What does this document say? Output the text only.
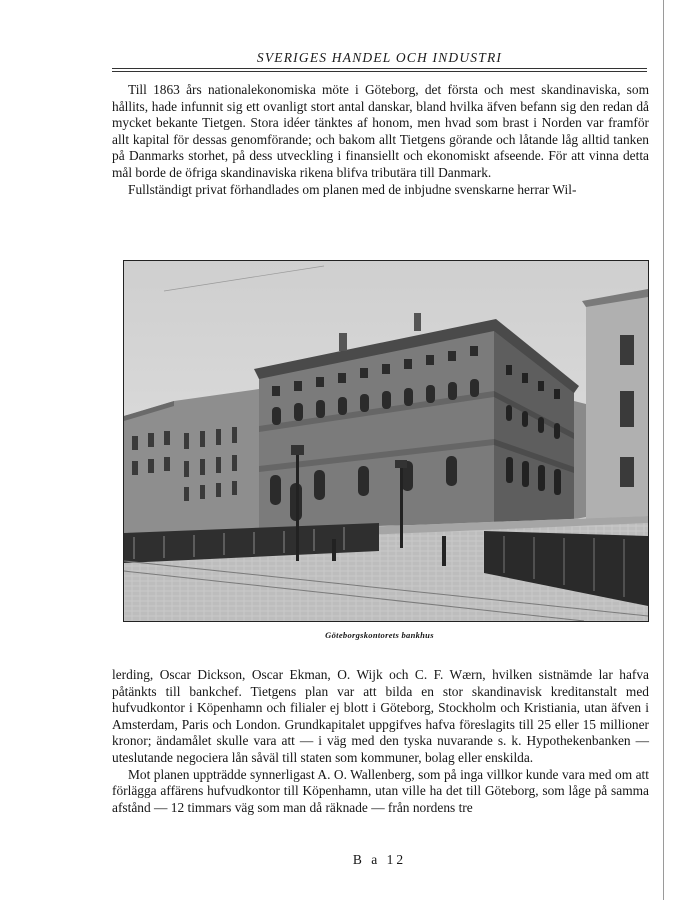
SVERIGES HANDEL OCH INDUSTRI

Till 1863 års nationalekonomiska möte i Göteborg, det första och mest skandinaviska, som hållits, hade infunnit sig ett ovanligt stort antal danskar, bland hvilka äfven befann sig den redan då mycket bekante Tietgen. Stora idéer tänktes af honom, men hvad som brast i Norden var framför allt kapital för dessas genomförande; och bakom allt Tietgens görande och låtande låg alltid tanken på Danmarks storhet, på dess utveckling i finansiellt och ekonomiskt afseende. För att vinna detta mål borde de öfriga skandinaviska rikena blifva tributära till Danmark.

Fullständigt privat förhandlades om planen med de inbjudne svenskarne herrar Wil-

Göteborgskontorets bankhus

lerding, Oscar Dickson, Oscar Ekman, O. Wijk och C. F. Wærn, hvilken sistnämde lar hafva påtänkts till bankchef. Tietgens plan var att bilda en stor skandinavisk kreditanstalt med hufvudkontor i Köpenhamn och filialer ej blott i Göteborg, Stockholm och Kristiania, utan äfven i Amsterdam, Paris och London. Grundkapitalet uppgifves hafva föreslagits till 25 eller 15 millioner kronor; ändamålet skulle vara att — i väg med den tyska nuvarande s. k. Hypothekenbanken — uteslutande negociera lån såväl till staten som kommuner, bolag eller enskilda.

Mot planen uppträdde synnerligast A. O. Wallenberg, som på inga villkor kunde vara med om att förlägga affärens hufvudkontor till Köpenhamn, utan ville ha det till Göteborg, som låge på samma afstånd — 12 timmars väg som man då räknade — från nordens tre

B a 12
